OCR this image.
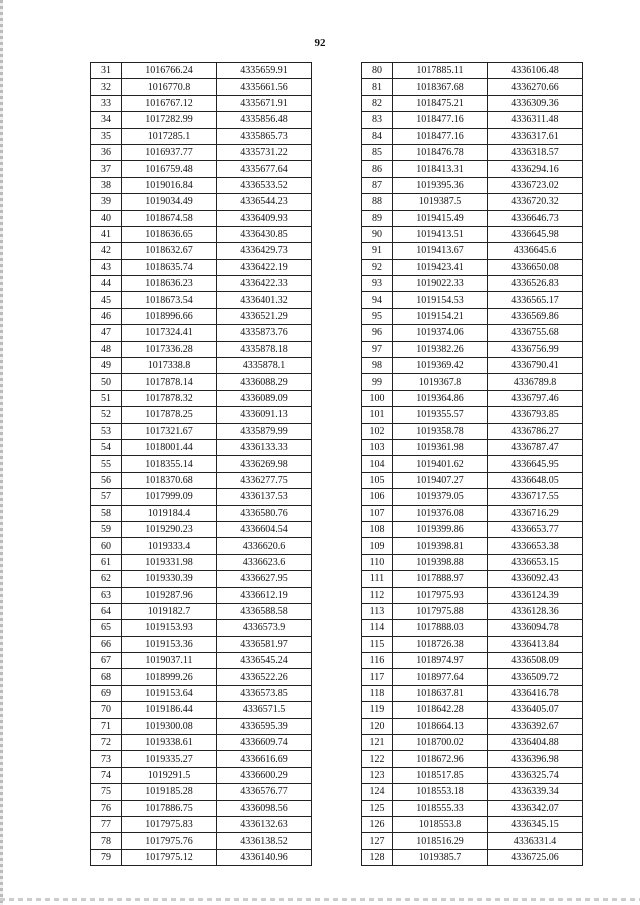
92
31	1016766.24	4335659.91
32	1016770.8	4335661.56
33	1016767.12	4335671.91
34	1017282.99	4335856.48
35	1017285.1	4335865.73
36	1016937.77	4335731.22
37	1016759.48	4335677.64
38	1019016.84	4336533.52
39	1019034.49	4336544.23
40	1018674.58	4336409.93
41	1018636.65	4336430.85
42	1018632.67	4336429.73
43	1018635.74	4336422.19
44	1018636.23	4336422.33
45	1018673.54	4336401.32
46	1018996.66	4336521.29
47	1017324.41	4335873.76
48	1017336.28	4335878.18
49	1017338.8	4335878.1
50	1017878.14	4336088.29
51	1017878.32	4336089.09
52	1017878.25	4336091.13
53	1017321.67	4335879.99
54	1018001.44	4336133.33
55	1018355.14	4336269.98
56	1018370.68	4336277.75
57	1017999.09	4336137.53
58	1019184.4	4336580.76
59	1019290.23	4336604.54
60	1019333.4	4336620.6
61	1019331.98	4336623.6
62	1019330.39	4336627.95
63	1019287.96	4336612.19
64	1019182.7	4336588.58
65	1019153.93	4336573.9
66	1019153.36	4336581.97
67	1019037.11	4336545.24
68	1018999.26	4336522.26
69	1019153.64	4336573.85
70	1019186.44	4336571.5
71	1019300.08	4336595.39
72	1019338.61	4336609.74
73	1019335.27	4336616.69
74	1019291.5	4336600.29
75	1019185.28	4336576.77
76	1017886.75	4336098.56
77	1017975.83	4336132.63
78	1017975.76	4336138.52
79	1017975.12	4336140.96
80	1017885.11	4336106.48
81	1018367.68	4336270.66
82	1018475.21	4336309.36
83	1018477.16	4336311.48
84	1018477.16	4336317.61
85	1018476.78	4336318.57
86	1018413.31	4336294.16
87	1019395.36	4336723.02
88	1019387.5	4336720.32
89	1019415.49	4336646.73
90	1019413.51	4336645.98
91	1019413.67	4336645.6
92	1019423.41	4336650.08
93	1019022.33	4336526.83
94	1019154.53	4336565.17
95	1019154.21	4336569.86
96	1019374.06	4336755.68
97	1019382.26	4336756.99
98	1019369.42	4336790.41
99	1019367.8	4336789.8
100	1019364.86	4336797.46
101	1019355.57	4336793.85
102	1019358.78	4336786.27
103	1019361.98	4336787.47
104	1019401.62	4336645.95
105	1019407.27	4336648.05
106	1019379.05	4336717.55
107	1019376.08	4336716.29
108	1019399.86	4336653.77
109	1019398.81	4336653.38
110	1019398.88	4336653.15
111	1017888.97	4336092.43
112	1017975.93	4336124.39
113	1017975.88	4336128.36
114	1017888.03	4336094.78
115	1018726.38	4336413.84
116	1018974.97	4336508.09
117	1018977.64	4336509.72
118	1018637.81	4336416.78
119	1018642.28	4336405.07
120	1018664.13	4336392.67
121	1018700.02	4336404.88
122	1018672.96	4336396.98
123	1018517.85	4336325.74
124	1018553.18	4336339.34
125	1018555.33	4336342.07
126	1018553.8	4336345.15
127	1018516.29	4336331.4
128	1019385.7	4336725.06
